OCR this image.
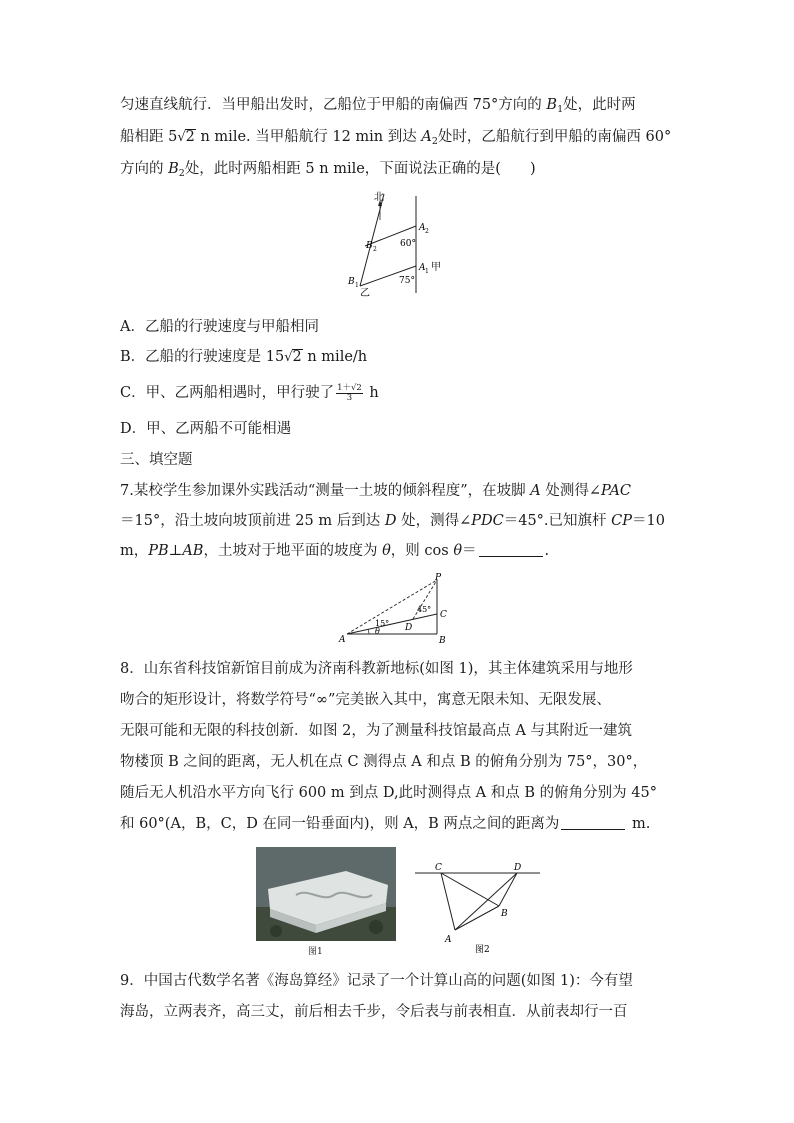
匀速直线航行．当甲船出发时，乙船位于甲船的南偏西 75°方向的 $B_1$处，此时两
船相距 5√2 n mile. 当甲船航行 12 min 到达 $A_2$处时，乙船航行到甲船的南偏西 60°
方向的 $B_2$处，此时两船相距 5 n mile，下面说法正确的是(　　)
北
B 2
A 2
60°
A 1 甲
B 1
乙
75°
A．乙船的行驶速度与甲船相同
B．乙船的行驶速度是 15√2 n mile/h
C．甲、乙两船相遇时，甲行驶了 $\frac{1+√2}{3}$ h
D．甲、乙两船不可能相遇
三、填空题
7.某校学生参加课外实践活动“测量一土坡的倾斜程度”，在坡脚 A 处测得∠PAC
＝15°，沿土坡向坡顶前进 25 m 后到达 D 处，测得∠PDC＝45°.已知旗杆 CP＝10
m，PB⊥AB，土坡对于地平面的坡度为 θ，则 cos θ＝	.
P
C
D
A	B
15°
45°
θ
8．山东省科技馆新馆目前成为济南科教新地标(如图 1)，其主体建筑采用与地形
吻合的矩形设计，将数学符号“∞”完美嵌入其中，寓意无限未知、无限发展、
无限可能和无限的科技创新．如图 2，为了测量科技馆最高点 A 与其附近一建筑
物楼顶 B 之间的距离，无人机在点 C 测得点 A 和点 B 的俯角分别为 75°，30°，
随后无人机沿水平方向飞行 600 m 到点 D,此时测得点 A 和点 B 的俯角分别为 45°
和 60°(A，B，C，D 在同一铅垂面内)，则 A，B 两点之间的距离为	m.
图1
C	D
B
A
图2
9．中国古代数学名著《海岛算经》记录了一个计算山高的问题(如图 1)：今有望
海岛，立两表齐，高三丈，前后相去千步，令后表与前表相直．从前表却行一百
